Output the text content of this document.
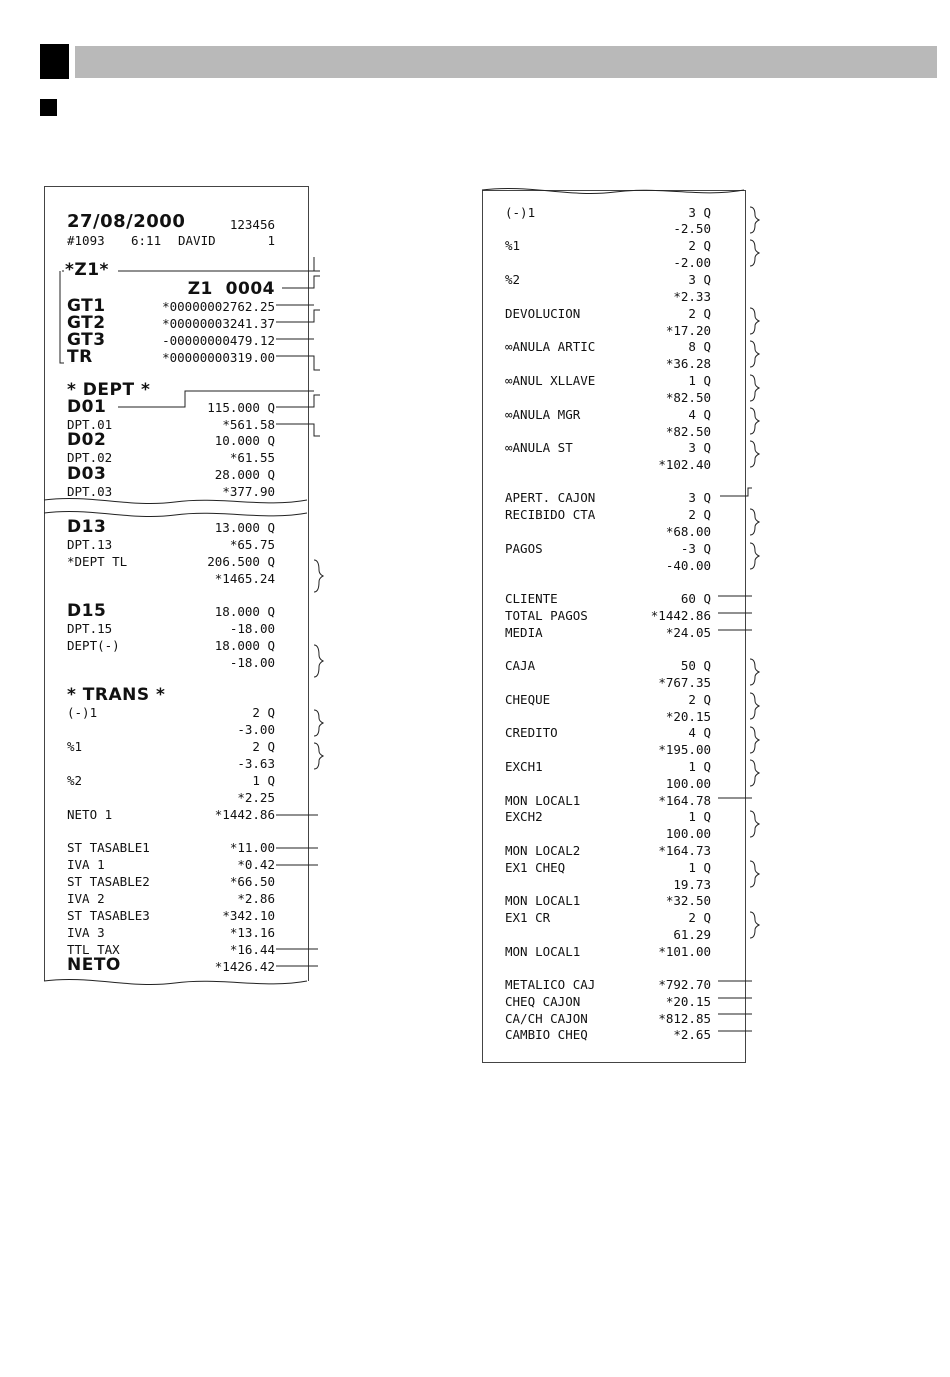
27/08/2000	123456
#1093 6:11 DAVID	1
*Z1*
Z1  0004
GT1	*00000002762.25
GT2	*00000003241.37
GT3	-00000000479.12
TR	*00000000319.00
* DEPT *
D01	115.000 Q
DPT.01	*561.58
D02	10.000 Q
DPT.02	*61.55
D03	28.000 Q
DPT.03	*377.90
D13	13.000 Q
DPT.13	*65.75
*DEPT TL	206.500 Q
*1465.24
D15	18.000 Q
DPT.15	-18.00
DEPT(-)	18.000 Q
-18.00
* TRANS *
(-)1	2 Q
-3.00
%1	2 Q
-3.63
%2	1 Q
*2.25
NETO 1	*1442.86
ST TASABLE1	*11.00
IVA 1	*0.42
ST TASABLE2	*66.50
IVA 2	*2.86
ST TASABLE3	*342.10
IVA 3	*13.16
TTL TAX	*16.44
NETO	*1426.42
(-)1	3 Q
-2.50
%1	2 Q
-2.00
%2	3 Q
*2.33
DEVOLUCION	2 Q
*17.20
∞ANULA ARTIC	8 Q
*36.28
∞ANUL XLLAVE	1 Q
*82.50
∞ANULA MGR	4 Q
*82.50
∞ANULA ST	3 Q
*102.40
APERT. CAJON	3 Q
RECIBIDO CTA	2 Q
*68.00
PAGOS	-3 Q
-40.00
CLIENTE	60 Q
TOTAL PAGOS	*1442.86
MEDIA	*24.05
CAJA	50 Q
*767.35
CHEQUE	2 Q
*20.15
CREDITO	4 Q
*195.00
EXCH1	1 Q
100.00
MON LOCAL1	*164.78
EXCH2	1 Q
100.00
MON LOCAL2	*164.73
EX1 CHEQ	1 Q
19.73
MON LOCAL1	*32.50
EX1 CR	2 Q
61.29
MON LOCAL1	*101.00
METALICO CAJ	*792.70
CHEQ CAJON	*20.15
CA/CH CAJON	*812.85
CAMBIO CHEQ	*2.65
